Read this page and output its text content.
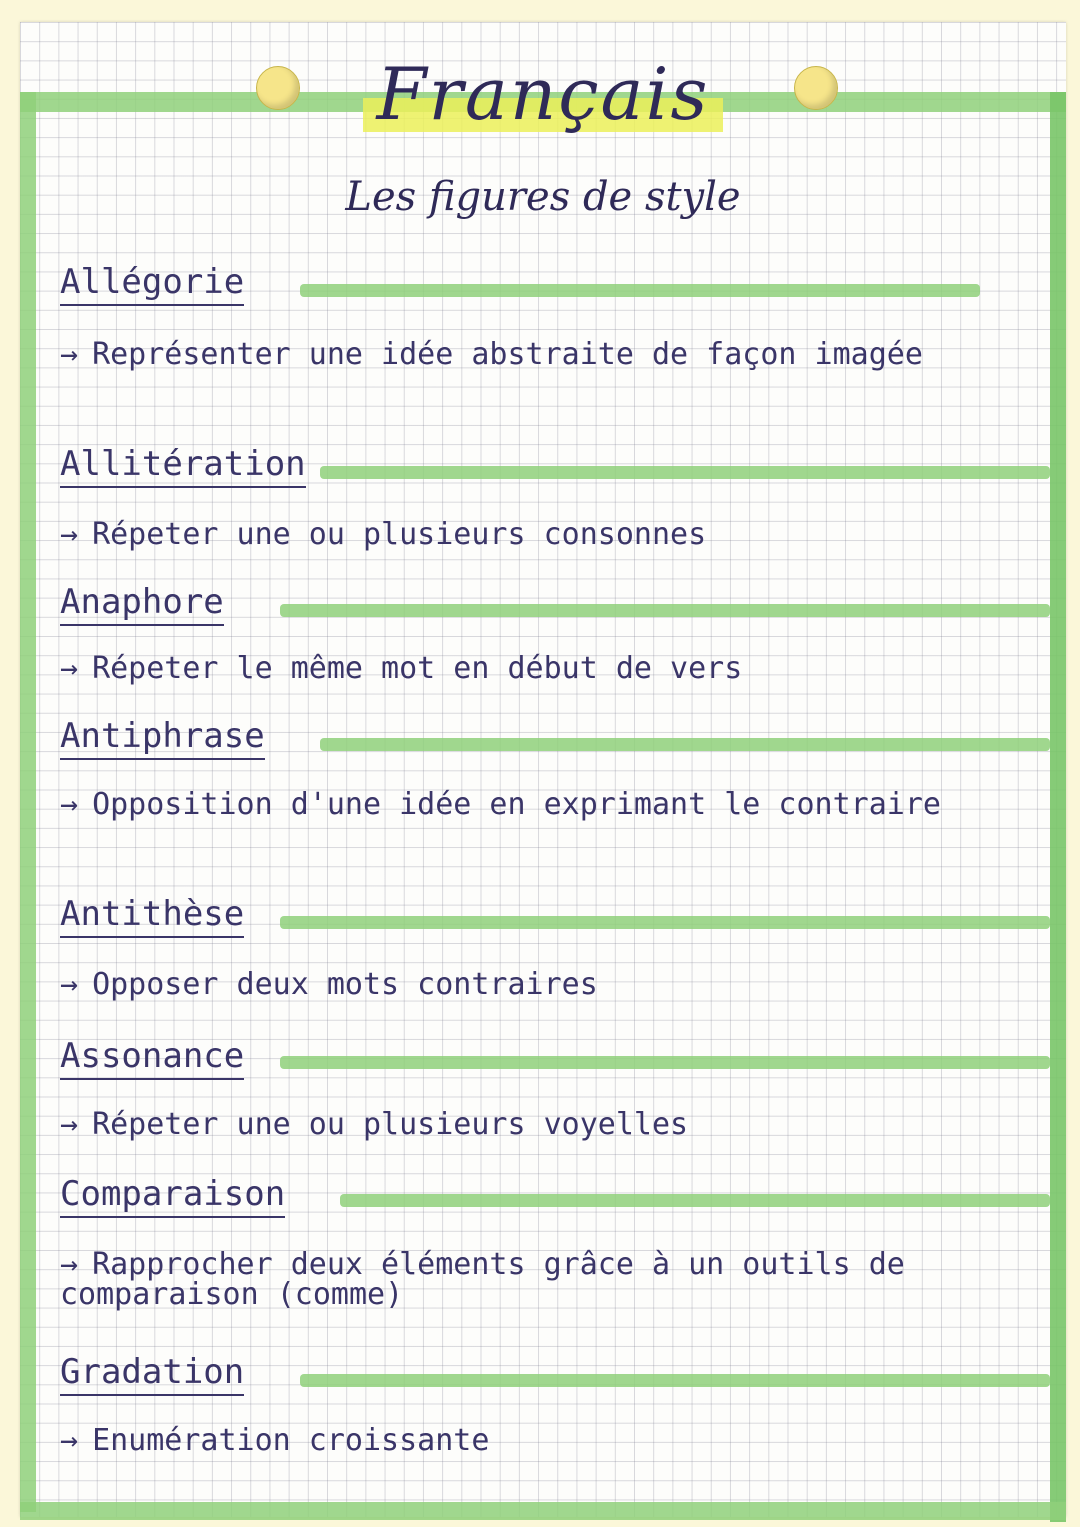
Français
Les figures de style
Allégorie
→ Représenter une idée abstraite de façon imagée
Allitération
→ Répeter une ou plusieurs consonnes
Anaphore
→ Répeter le même mot en début de vers
Antiphrase
→ Opposition d'une idée en exprimant le contraire
Antithèse
→ Opposer deux mots contraires
Assonance
→ Répeter une ou plusieurs voyelles
Comparaison
→ Rapprocher deux éléments grâce à un outils de comparaison (comme)
Gradation
→ Enumération croissante
